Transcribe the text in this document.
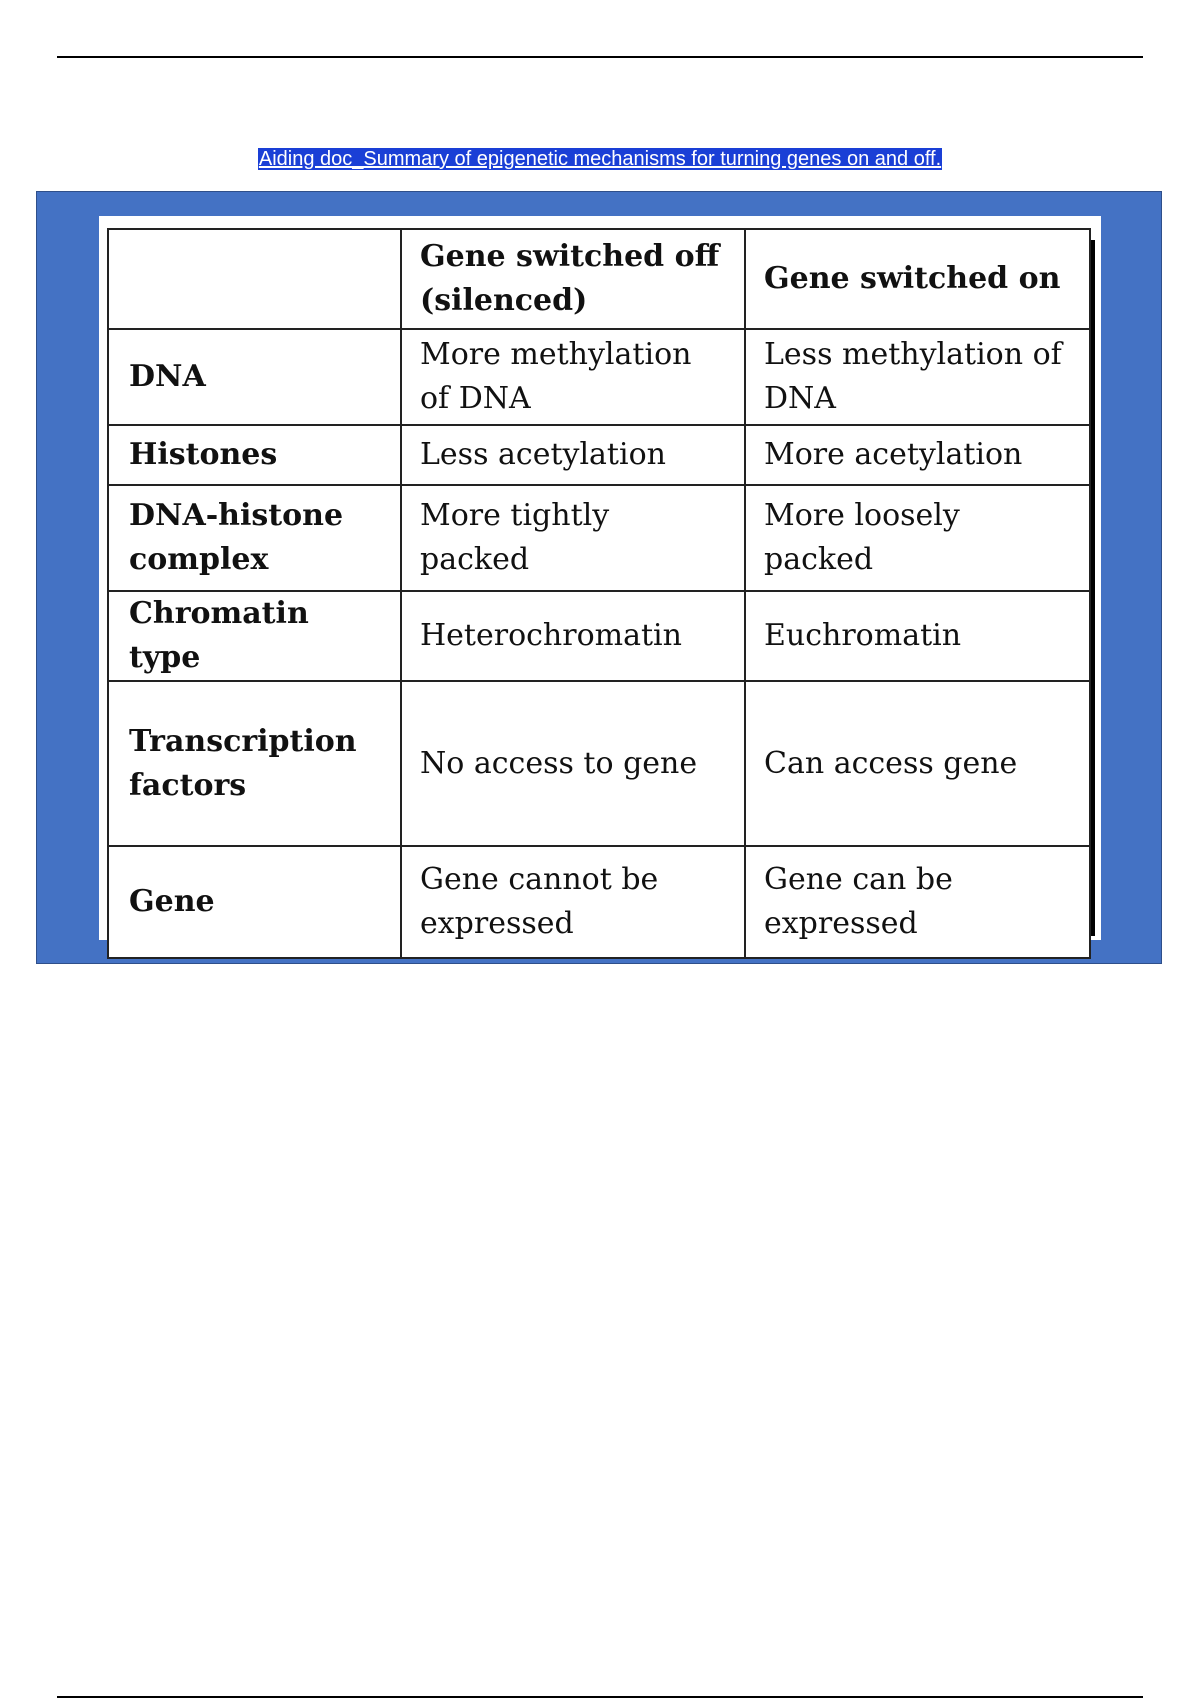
Aiding doc_Summary of epigenetic mechanisms for turning genes on and off.
	Gene switched off (silenced)	Gene switched on
DNA	More methylation of DNA	Less methylation of DNA
Histones	Less acetylation	More acetylation
DNA-histone complex	More tightly packed	More loosely packed
Chromatin type	Heterochromatin	Euchromatin
Transcription factors	No access to gene	Can access gene
Gene	Gene cannot be expressed	Gene can be expressed
